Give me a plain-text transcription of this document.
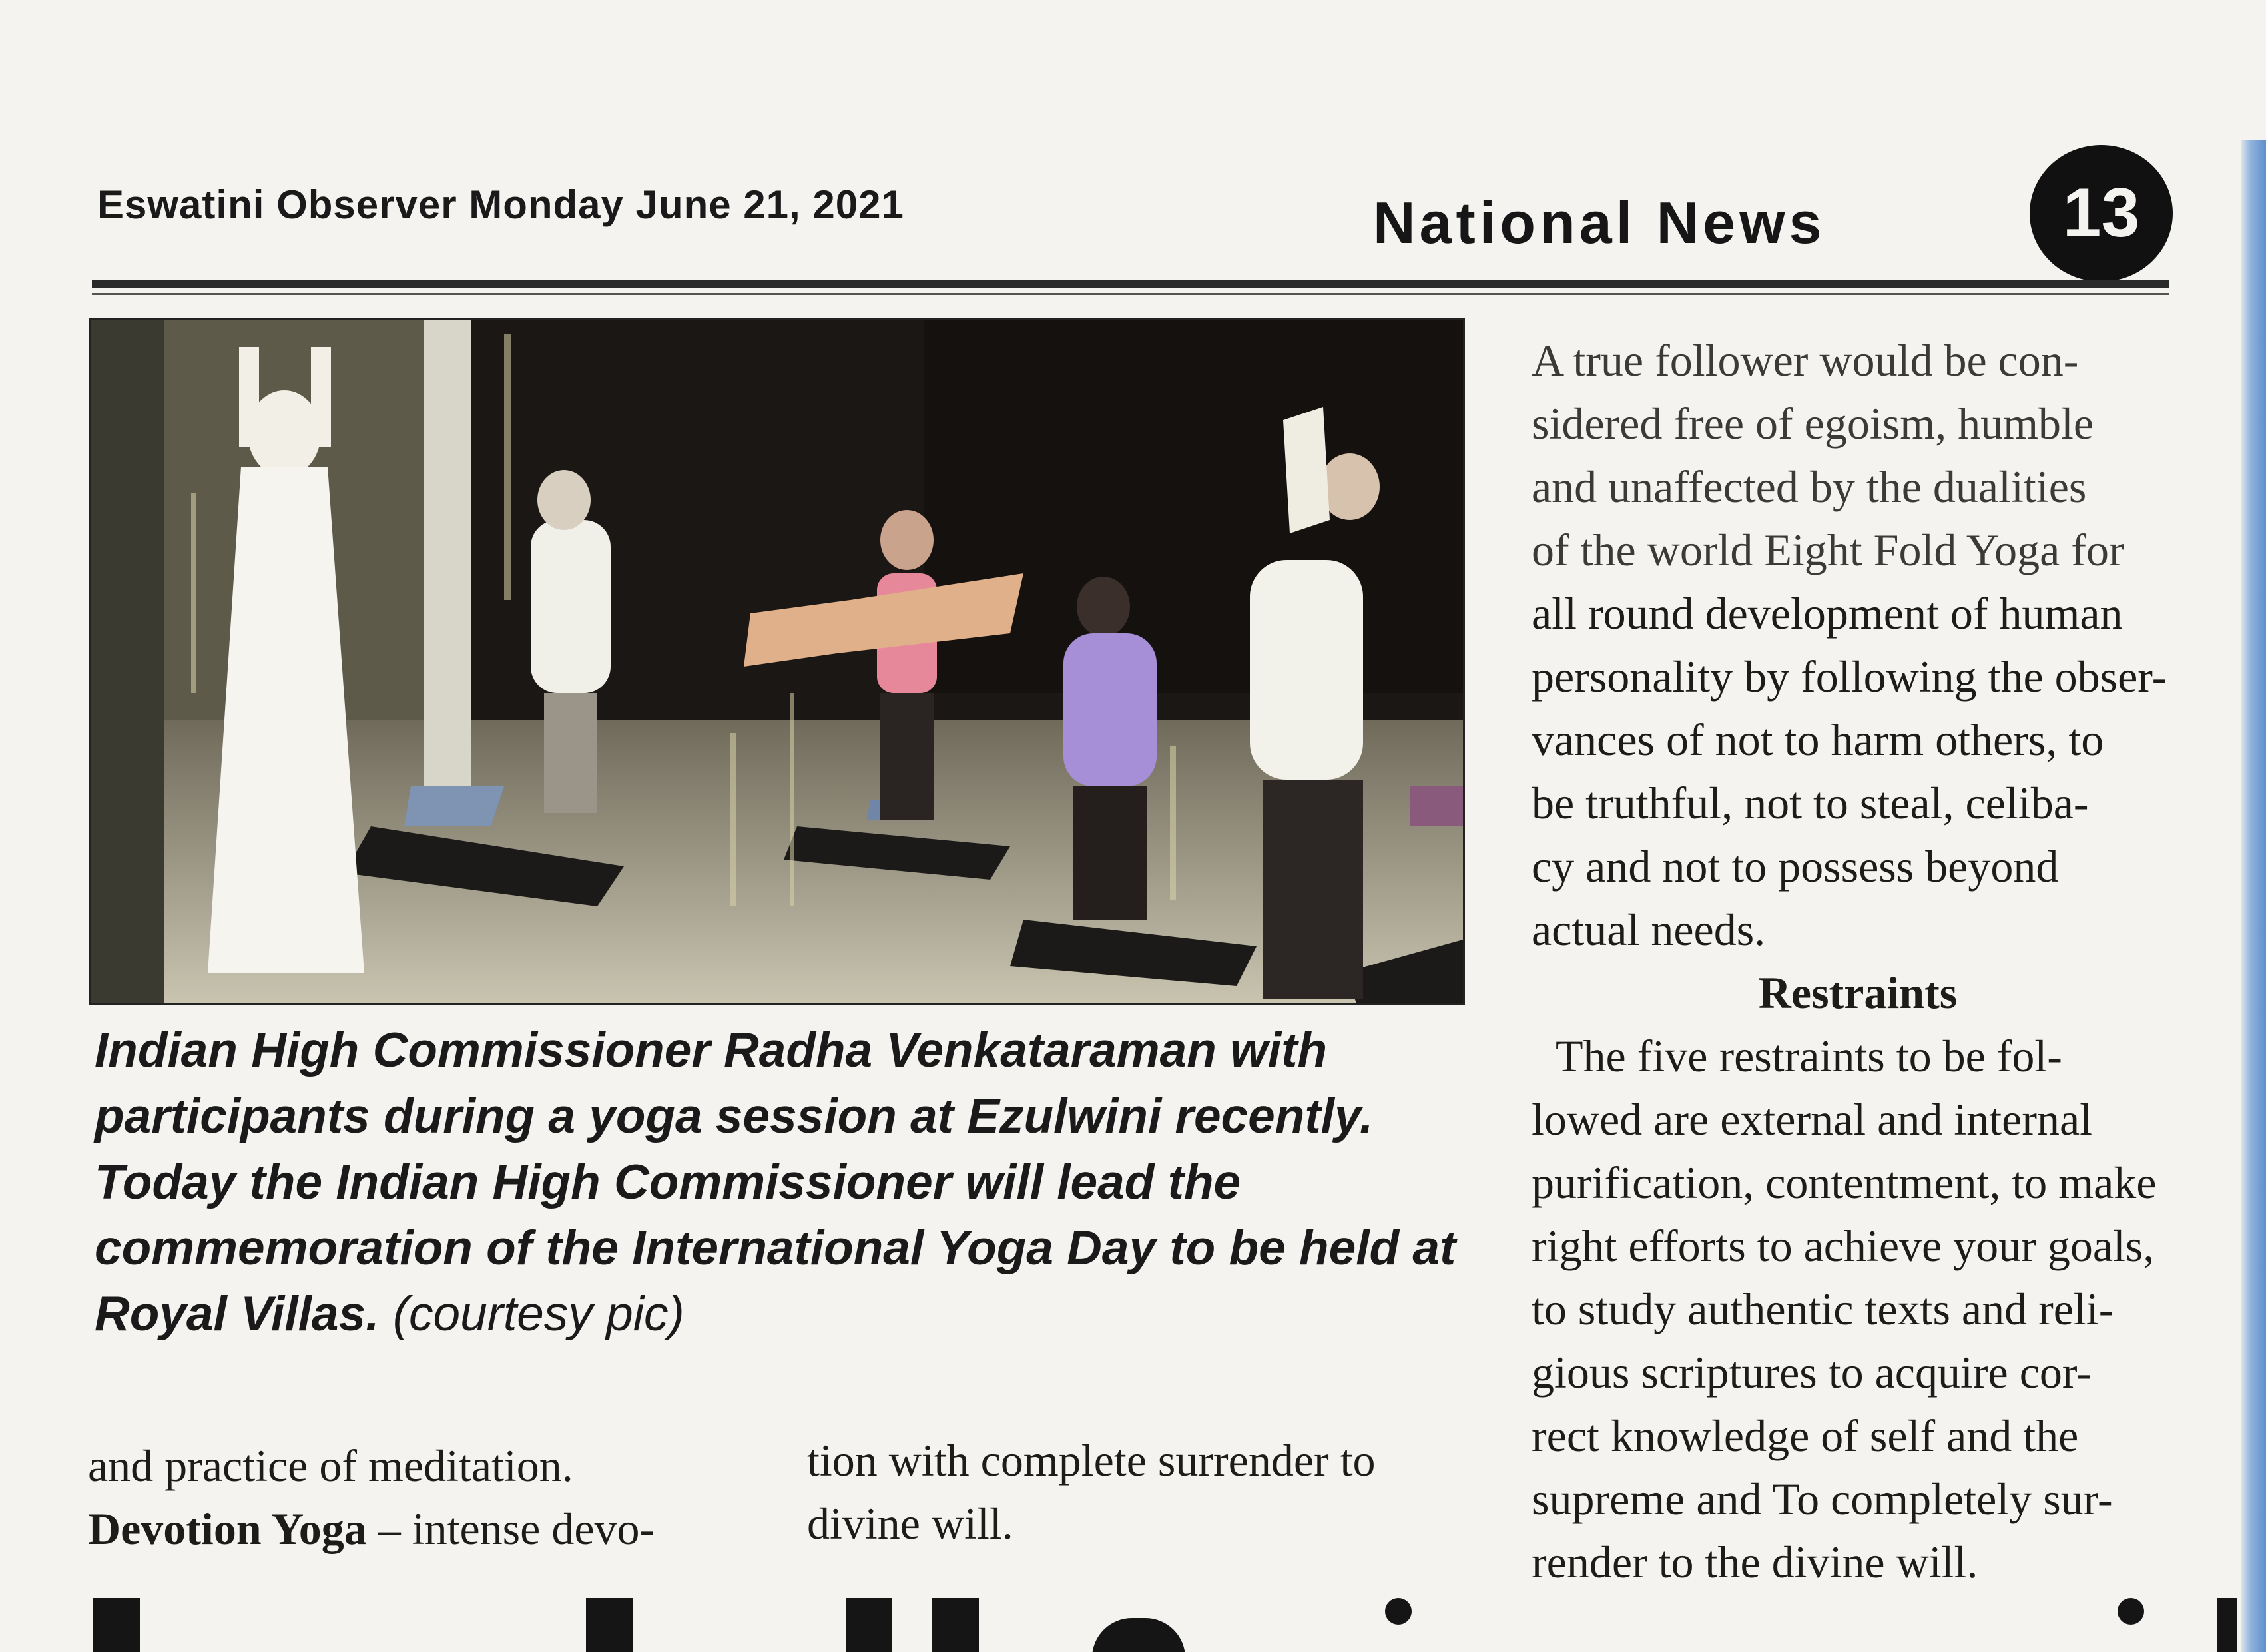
Eswatini Observer Monday June 21, 2021	National News	13
Indian High Commissioner Radha Venkataraman with participants during a yoga session at Ezulwini recently. Today the Indian High Commissioner will lead the commemoration of the International Yoga Day to be held at Royal Villas. (courtesy pic)
and practice of meditation.
Devotion Yoga – intense devo-
tion with complete surrender to
divine will.
A true follower would be con-
sidered free of egoism, humble
and unaffected by the dualities
of the world Eight Fold Yoga for
all round development of human
personality by following the obser-
vances of not to harm others, to
be truthful, not to steal, celiba-
cy and not to possess beyond
actual needs.
Restraints
The five restraints to be fol-
lowed are external and internal
purification, contentment, to make
right efforts to achieve your goals,
to study authentic texts and reli-
gious scriptures to acquire cor-
rect knowledge of self and the
supreme and To completely sur-
render to the divine will.
